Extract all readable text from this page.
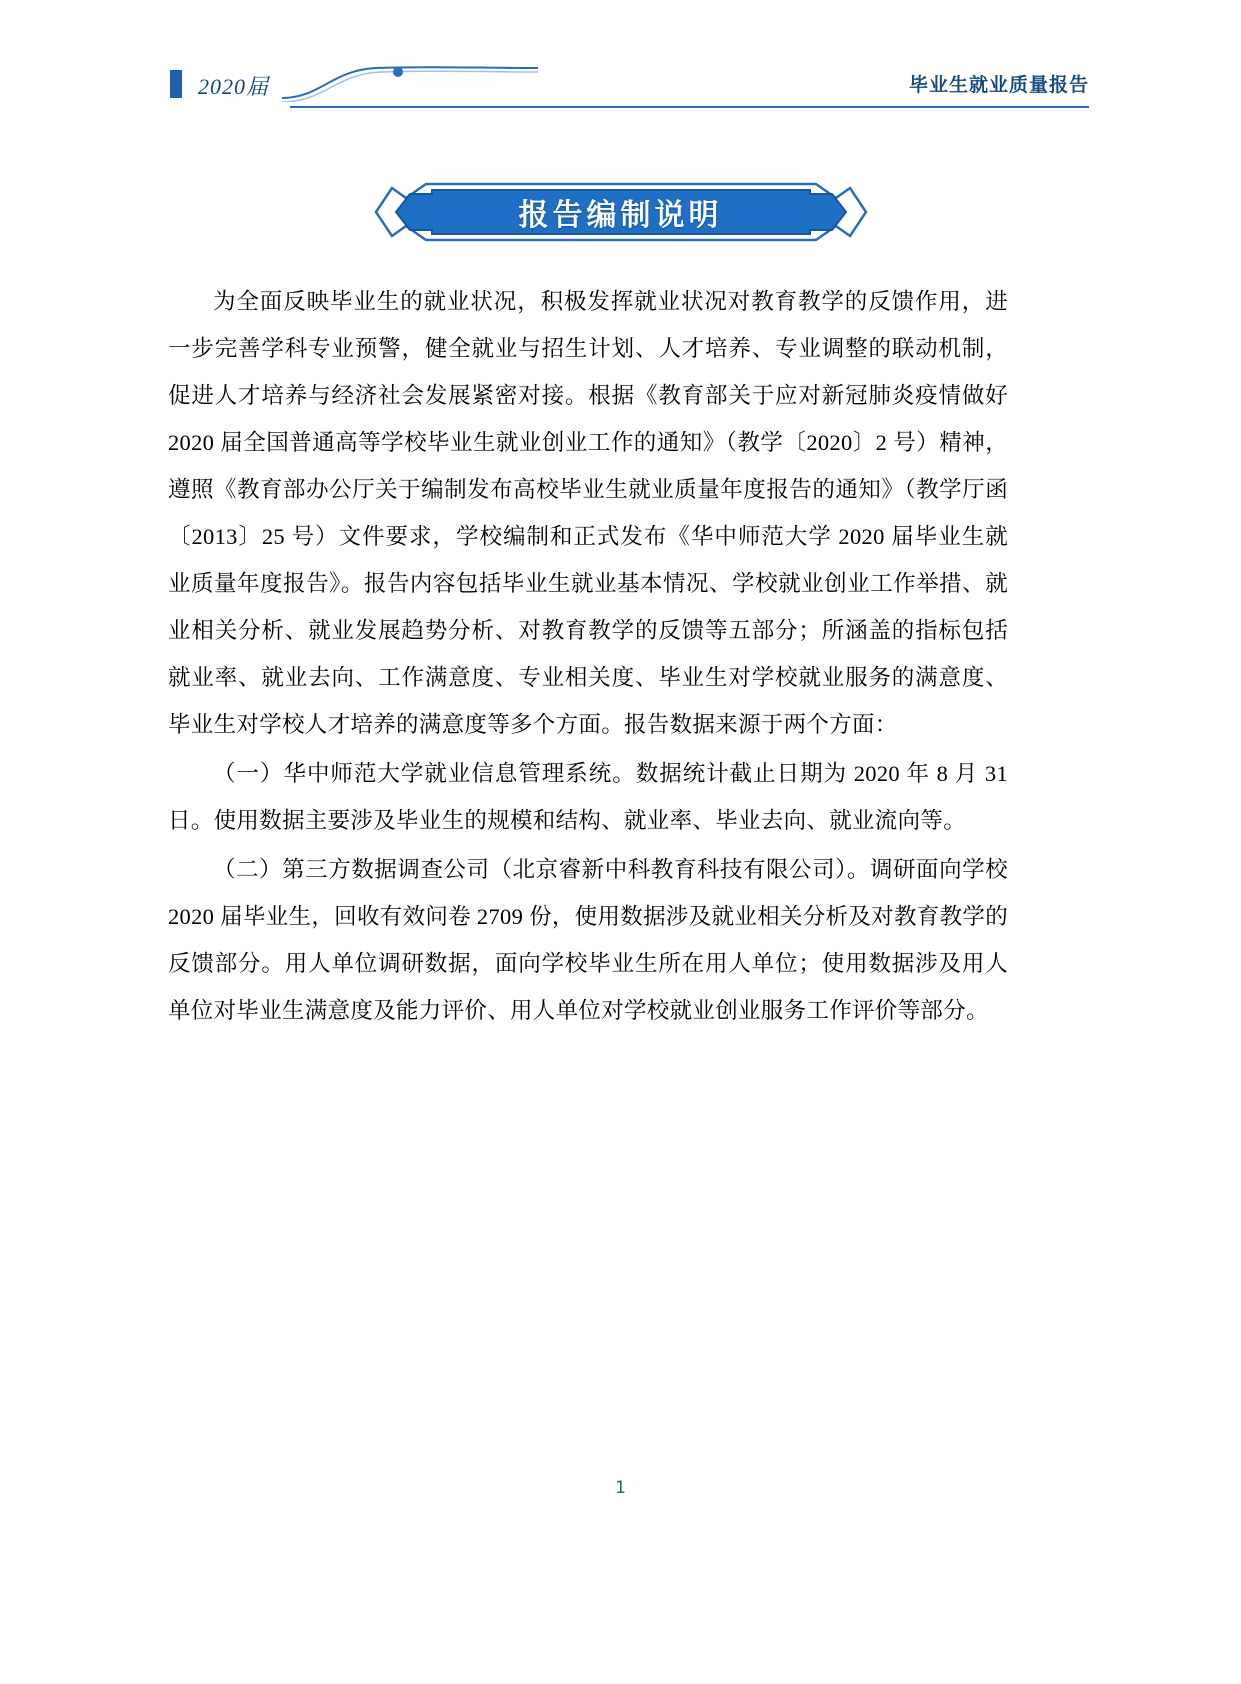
2020届	毕业生就业质量报告
报告编制说明

为全面反映毕业生的就业状况，积极发挥就业状况对教育教学的反馈作用，进一步完善学科专业预警，健全就业与招生计划、人才培养、专业调整的联动机制，促进人才培养与经济社会发展紧密对接。根据《教育部关于应对新冠肺炎疫情做好 2020 届全国普通高等学校毕业生就业创业工作的通知》（教学〔2020〕2 号）精神，遵照《教育部办公厅关于编制发布高校毕业生就业质量年度报告的通知》（教学厅函〔2013〕25 号）文件要求，学校编制和正式发布《华中师范大学 2020 届毕业生就业质量年度报告》。报告内容包括毕业生就业基本情况、学校就业创业工作举措、就业相关分析、就业发展趋势分析、对教育教学的反馈等五部分；所涵盖的指标包括就业率、就业去向、工作满意度、专业相关度、毕业生对学校就业服务的满意度、毕业生对学校人才培养的满意度等多个方面。报告数据来源于两个方面：

（一）华中师范大学就业信息管理系统。数据统计截止日期为 2020 年 8 月 31 日。使用数据主要涉及毕业生的规模和结构、就业率、毕业去向、就业流向等。

（二）第三方数据调查公司（北京睿新中科教育科技有限公司）。调研面向学校 2020 届毕业生，回收有效问卷 2709 份，使用数据涉及就业相关分析及对教育教学的反馈部分。用人单位调研数据，面向学校毕业生所在用人单位；使用数据涉及用人单位对毕业生满意度及能力评价、用人单位对学校就业创业服务工作评价等部分。

1
